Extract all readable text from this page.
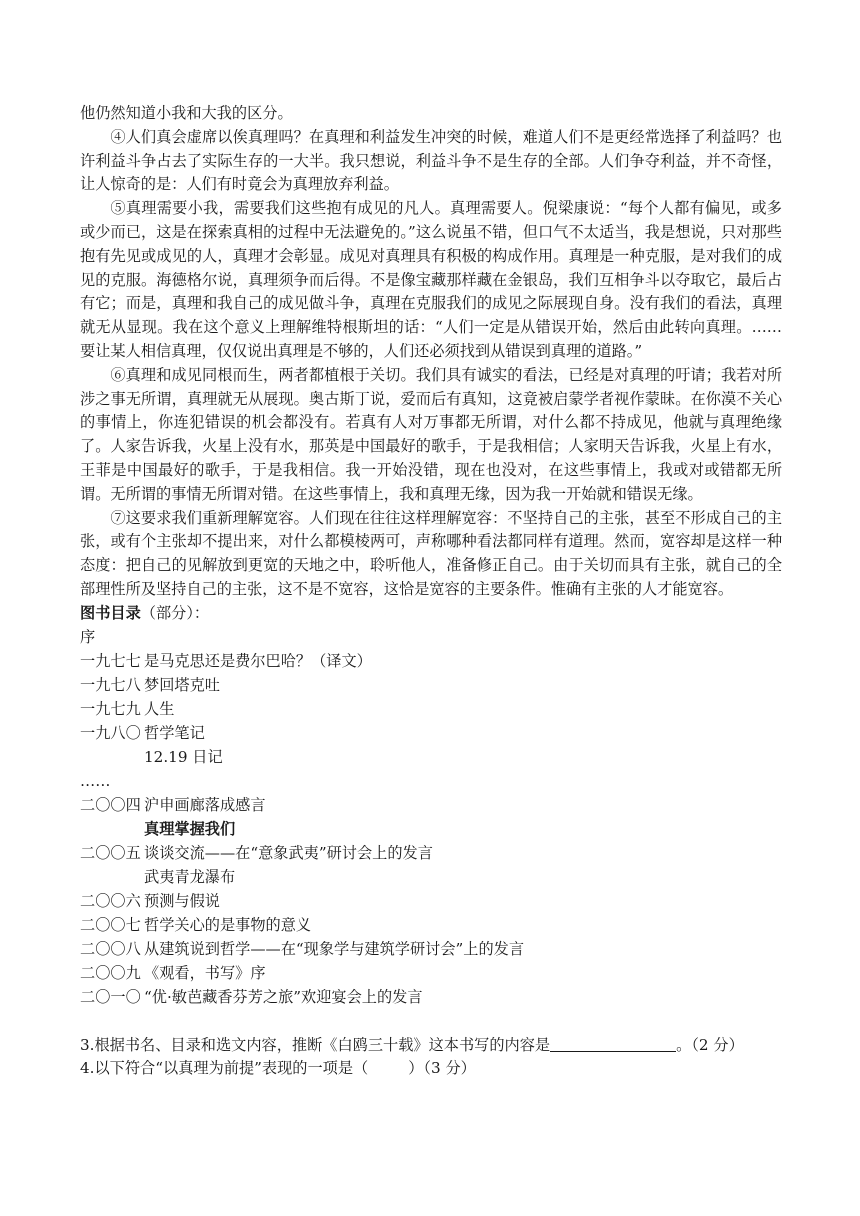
他仍然知道小我和大我的区分。

④人们真会虚席以俟真理吗？在真理和利益发生冲突的时候，难道人们不是更经常选择了利益吗？也许利益斗争占去了实际生存的一大半。我只想说，利益斗争不是生存的全部。人们争夺利益，并不奇怪，让人惊奇的是：人们有时竟会为真理放弃利益。

⑤真理需要小我，需要我们这些抱有成见的凡人。真理需要人。倪梁康说：“每个人都有偏见，或多或少而已，这是在探索真相的过程中无法避免的。”这么说虽不错，但口气不太适当，我是想说，只对那些抱有先见或成见的人，真理才会彰显。成见对真理具有积极的构成作用。真理是一种克服，是对我们的成见的克服。海德格尔说，真理须争而后得。不是像宝藏那样藏在金银岛，我们互相争斗以夺取它，最后占有它；而是，真理和我自己的成见做斗争，真理在克服我们的成见之际展现自身。没有我们的看法，真理就无从显现。我在这个意义上理解维特根斯坦的话：“人们一定是从错误开始，然后由此转向真理。……要让某人相信真理，仅仅说出真理是不够的，人们还必须找到从错误到真理的道路。”

⑥真理和成见同根而生，两者都植根于关切。我们具有诚实的看法，已经是对真理的吁请；我若对所涉之事无所谓，真理就无从展现。奥古斯丁说，爱而后有真知，这竟被启蒙学者视作蒙昧。在你漠不关心的事情上，你连犯错误的机会都没有。若真有人对万事都无所谓，对什么都不持成见，他就与真理绝缘了。人家告诉我，火星上没有水，那英是中国最好的歌手，于是我相信；人家明天告诉我，火星上有水，王菲是中国最好的歌手，于是我相信。我一开始没错，现在也没对，在这些事情上，我或对或错都无所谓。无所谓的事情无所谓对错。在这些事情上，我和真理无缘，因为我一开始就和错误无缘。

⑦这要求我们重新理解宽容。人们现在往往这样理解宽容：不坚持自己的主张，甚至不形成自己的主张，或有个主张却不提出来，对什么都模棱两可，声称哪种看法都同样有道理。然而，宽容却是这样一种态度：把自己的见解放到更宽的天地之中，聆听他人，准备修正自己。由于关切而具有主张，就自己的全部理性所及坚持自己的主张，这不是不宽容，这恰是宽容的主要条件。惟确有主张的人才能宽容。

图书目录（部分）：

序

一九七七 是马克思还是费尔巴哈？（译文）

一九七八 梦回塔克吐

一九七九 人生

一九八〇 哲学笔记

12.19 日记

……

二〇〇四 沪申画廊落成感言

真理掌握我们

二〇〇五 谈谈交流——在“意象武夷”研讨会上的发言

武夷青龙瀑布

二〇〇六 预测与假说

二〇〇七 哲学关心的是事物的意义

二〇〇八 从建筑说到哲学——在“现象学与建筑学研讨会”上的发言

二〇〇九 《观看，书写》序

二〇一〇 “优·敏芭藏香芬芳之旅”欢迎宴会上的发言

3.根据书名、目录和选文内容，推断《白鸥三十载》这本书写的内容是	。（2 分）

4.以下符合“以真理为前提”表现的一项是（	）（3 分）
